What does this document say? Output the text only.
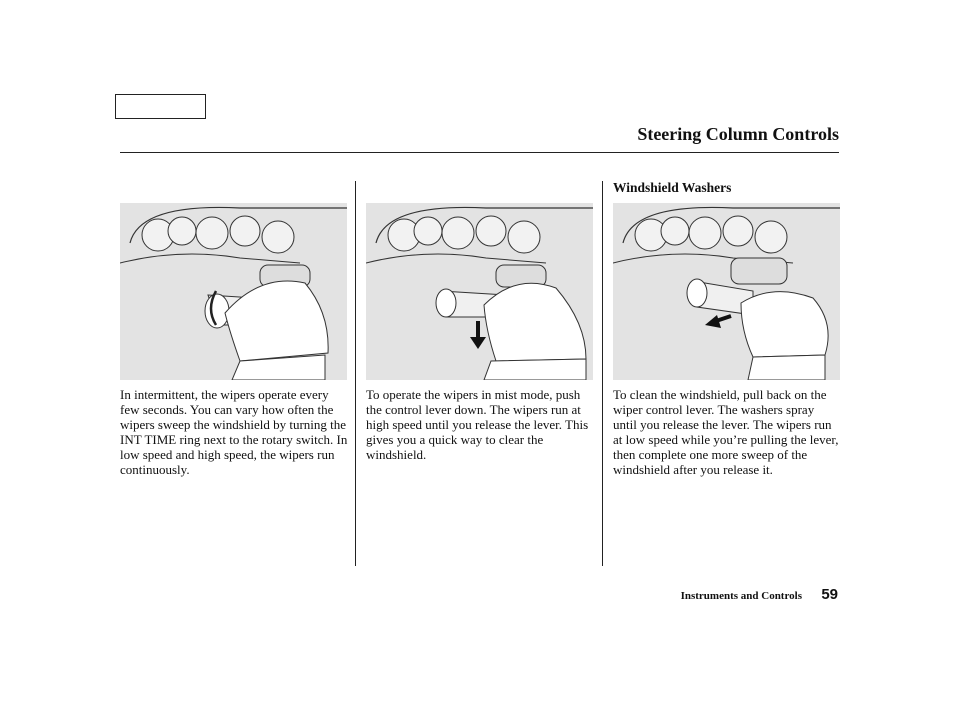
Steering Column Controls
Windshield Washers

In intermittent, the wipers operate every few seconds. You can vary how often the wipers sweep the windshield by turning the INT TIME ring next to the rotary switch. In low speed and high speed, the wipers run continuously.

To operate the wipers in mist mode, push the control lever down. The wipers run at high speed until you release the lever. This gives you a quick way to clear the windshield.

To clean the windshield, pull back on the wiper control lever. The washers spray until you release the lever. The wipers run at low speed while you’re pulling the lever, then complete one more sweep of the windshield after you release it.

Instruments and Controls 59
